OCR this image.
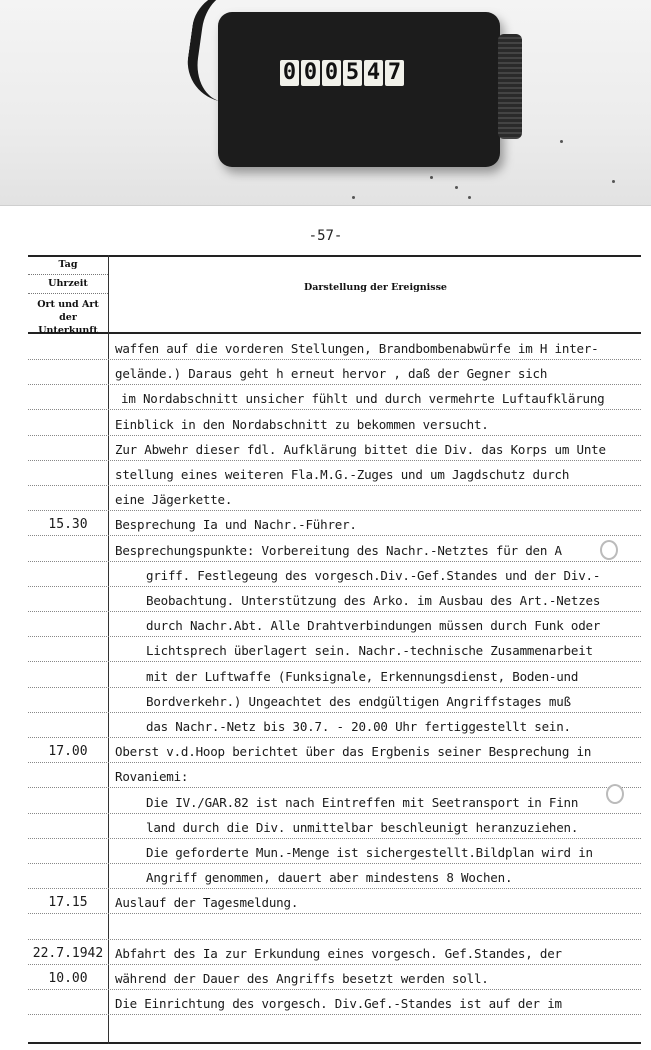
0 0 0 5 4 7
-57-
Tag
Uhrzeit
Ort und Art der Unterkunft
Darstellung der Ereignisse
waffen auf die vorderen Stellungen, Brandbombenabwürfe im H inter-
gelände.) Daraus geht h erneut hervor , daß der Gegner sich
im Nordabschnitt unsicher fühlt und durch vermehrte Luftaufklärung
Einblick in den Nordabschnitt zu bekommen versucht.
Zur Abwehr dieser fdl. Aufklärung bittet die Div. das Korps um Unte
stellung eines weiteren Fla.M.G.-Zuges und um Jagdschutz durch
eine Jägerkette.
15.30	Besprechung Ia und Nachr.-Führer.
Besprechungspunkte: Vorbereitung des Nachr.-Netztes für den A
griff. Festlegeung des vorgesch.Div.-Gef.Standes und der Div.-
Beobachtung. Unterstützung des Arko. im Ausbau des Art.-Netzes
durch Nachr.Abt. Alle Drahtverbindungen müssen durch Funk oder
Lichtsprech überlagert sein. Nachr.-technische Zusammenarbeit
mit der Luftwaffe (Funksignale, Erkennungsdienst, Boden-und
Bordverkehr.) Ungeachtet des endgültigen Angriffstages muß
das Nachr.-Netz bis 30.7. - 20.00 Uhr fertiggestellt sein.
17.00	Oberst v.d.Hoop berichtet über das Ergbenis seiner Besprechung in
Rovaniemi:
Die IV./GAR.82 ist nach Eintreffen mit Seetransport in Finn
land durch die Div. unmittelbar beschleunigt heranzuziehen.
Die geforderte Mun.-Menge ist sichergestellt.Bildplan wird in
Angriff genommen, dauert aber mindestens 8 Wochen.
17.15	Auslauf der Tagesmeldung.
22.7.1942 Abfahrt des Ia zur Erkundung eines vorgesch. Gef.Standes, der
10.00	während der Dauer des Angriffs besetzt werden soll.
Die Einrichtung des vorgesch. Div.Gef.-Standes ist auf der im
